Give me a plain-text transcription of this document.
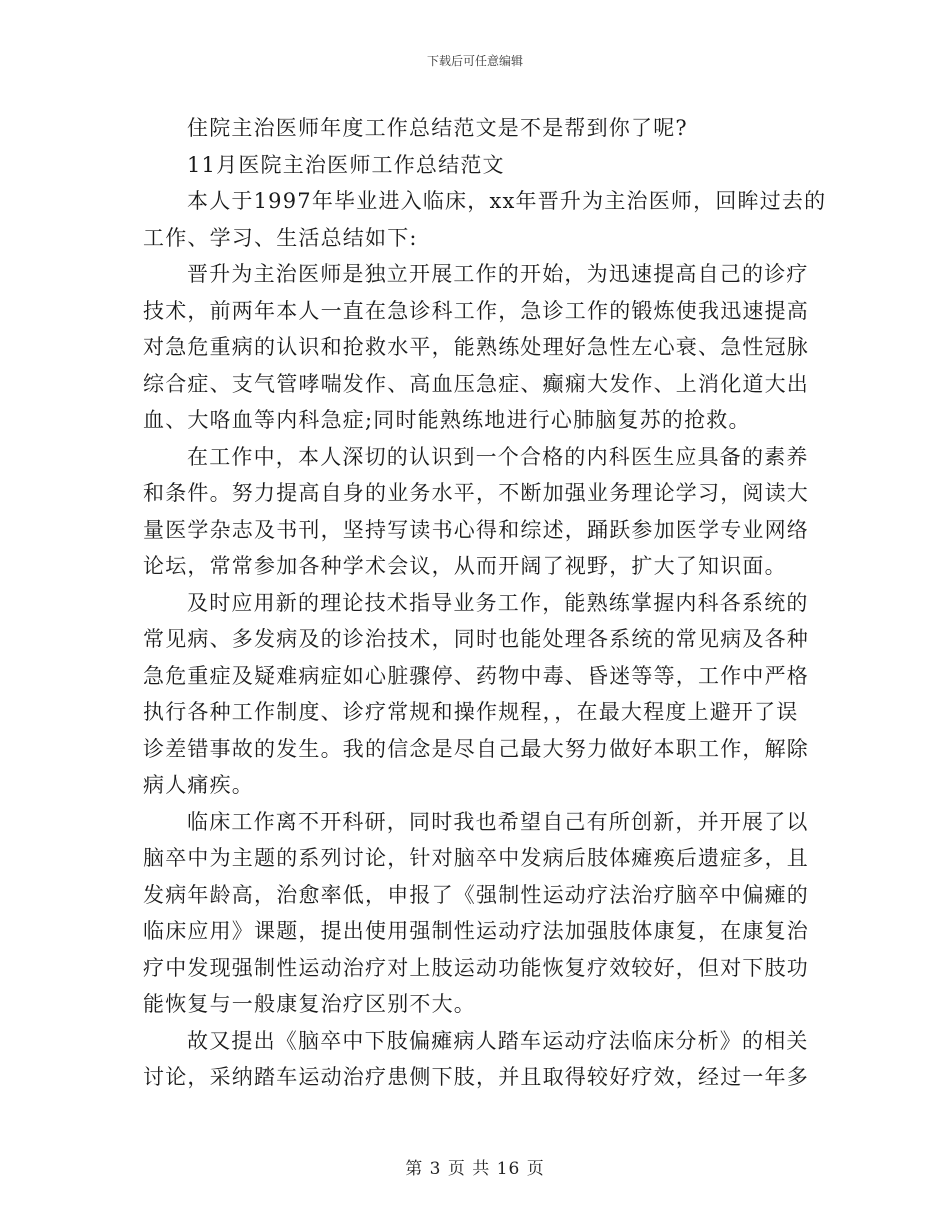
下载后可任意编辑
住院主治医师年度工作总结范文是不是帮到你了呢?
11月医院主治医师工作总结范文
本人于1997年毕业进入临床，xx年晋升为主治医师，回眸过去的
工作、学习、生活总结如下:
晋升为主治医师是独立开展工作的开始，为迅速提高自己的诊疗
技术，前两年本人一直在急诊科工作，急诊工作的锻炼使我迅速提高
对急危重病的认识和抢救水平，能熟练处理好急性左心衰、急性冠脉
综合症、支气管哮喘发作、高血压急症、癫痫大发作、上消化道大出
血、大咯血等内科急症;同时能熟练地进行心肺脑复苏的抢救。
在工作中，本人深切的认识到一个合格的内科医生应具备的素养
和条件。努力提高自身的业务水平，不断加强业务理论学习，阅读大
量医学杂志及书刊，坚持写读书心得和综述，踊跃参加医学专业网络
论坛，常常参加各种学术会议，从而开阔了视野，扩大了知识面。
及时应用新的理论技术指导业务工作，能熟练掌握内科各系统的
常见病、多发病及的诊治技术，同时也能处理各系统的常见病及各种
急危重症及疑难病症如心脏骤停、药物中毒、昏迷等等，工作中严格
执行各种工作制度、诊疗常规和操作规程，，在最大程度上避开了误
诊差错事故的发生。我的信念是尽自己最大努力做好本职工作，解除
病人痛疾。
临床工作离不开科研，同时我也希望自己有所创新，并开展了以
脑卒中为主题的系列讨论，针对脑卒中发病后肢体瘫痪后遗症多，且
发病年龄高，治愈率低，申报了《强制性运动疗法治疗脑卒中偏瘫的
临床应用》课题，提出使用强制性运动疗法加强肢体康复，在康复治
疗中发现强制性运动治疗对上肢运动功能恢复疗效较好，但对下肢功
能恢复与一般康复治疗区别不大。
故又提出《脑卒中下肢偏瘫病人踏车运动疗法临床分析》的相关
讨论，采纳踏车运动治疗患侧下肢，并且取得较好疗效，经过一年多
第 3 页 共 16 页
